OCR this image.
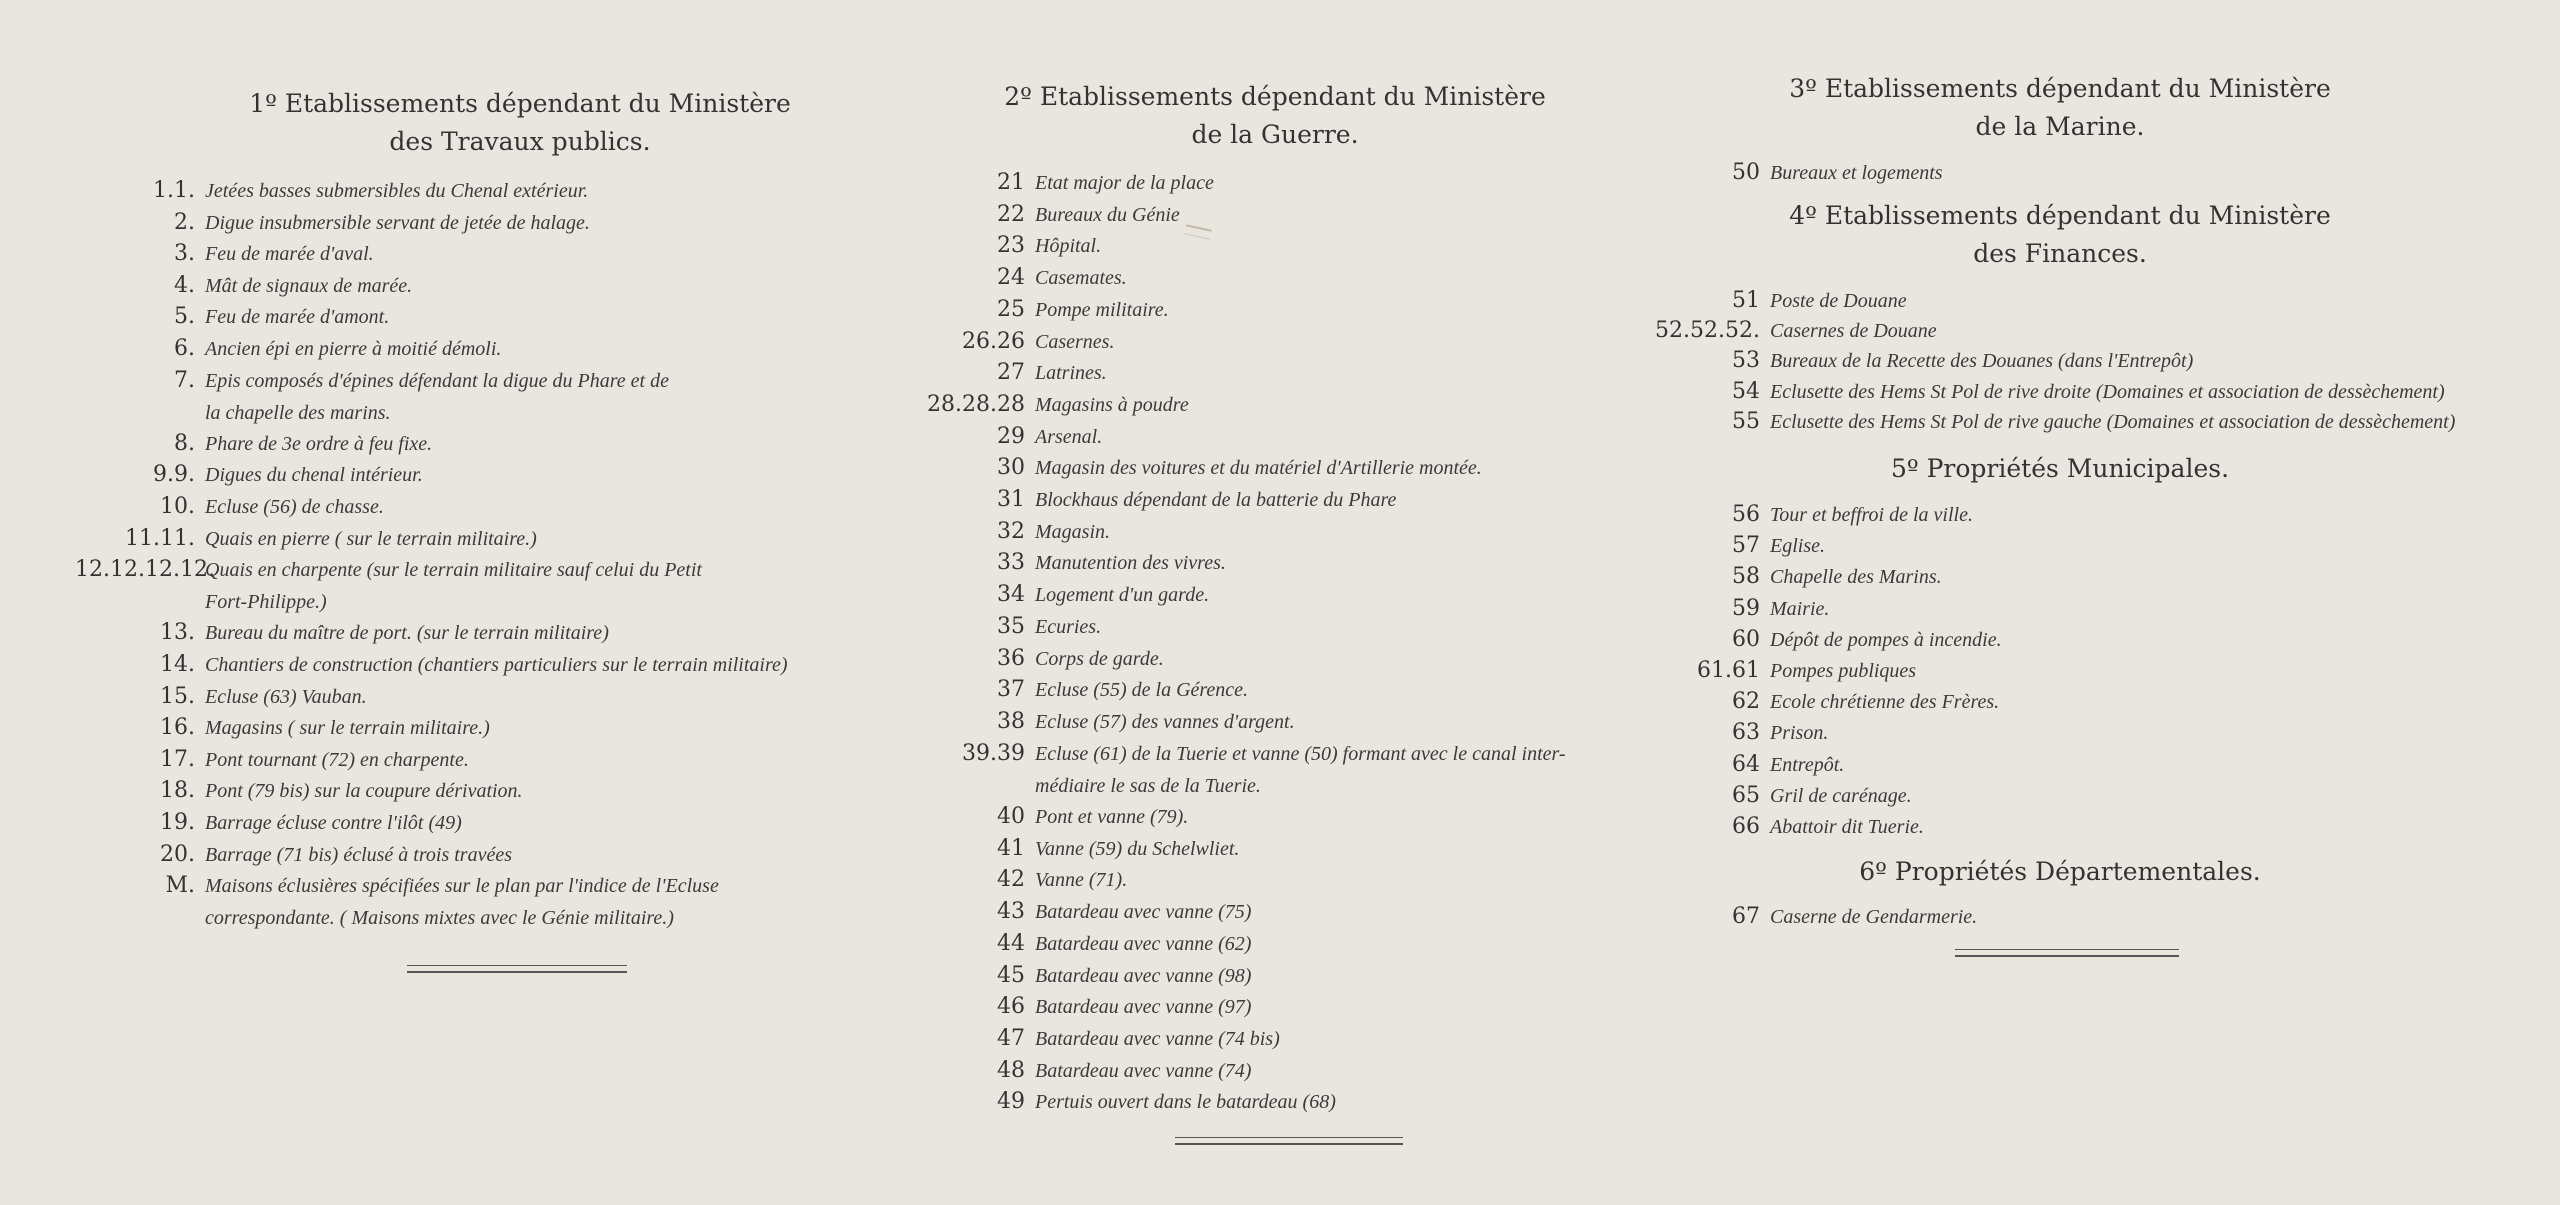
1º Etablissements dépendant du Ministère
des Travaux publics.
1.1. Jetées basses submersibles du Chenal extérieur.
2. Digue insubmersible servant de jetée de halage.
3. Feu de marée d'aval.
4. Mât de signaux de marée.
5. Feu de marée d'amont.
6. Ancien épi en pierre à moitié démoli.
7. Epis composés d'épines défendant la digue du Phare et de
la chapelle des marins.
8. Phare de 3e ordre à feu fixe.
9.9. Digues du chenal intérieur.
10. Ecluse (56) de chasse.
11.11. Quais en pierre ( sur le terrain militaire.)
12.12.12.12.
Quais en charpente (sur le terrain militaire sauf celui du Petit
Fort-Philippe.)
13. Bureau du maître de port. (sur le terrain militaire)
14. Chantiers de construction (chantiers particuliers sur le terrain militaire)
15. Ecluse (63) Vauban.
16. Magasins ( sur le terrain militaire.)
17. Pont tournant (72) en charpente.
18. Pont (79 bis) sur la coupure dérivation.
19. Barrage écluse contre l'ilôt (49)
20. Barrage (71 bis) éclusé à trois travées
M. Maisons éclusières spécifiées sur le plan par l'indice de l'Ecluse
correspondante. ( Maisons mixtes avec le Génie militaire.)
2º Etablissements dépendant du Ministère
de la Guerre.
21 Etat major de la place
22 Bureaux du Génie
23 Hôpital.
24 Casemates.
25 Pompe militaire.
26.26 Casernes.
27 Latrines.
28.28.28 Magasins à poudre
29 Arsenal.
30 Magasin des voitures et du matériel d'Artillerie montée.
31 Blockhaus dépendant de la batterie du Phare
32 Magasin.
33 Manutention des vivres.
34 Logement d'un garde.
35 Ecuries.
36 Corps de garde.
37 Ecluse (55) de la Gérence.
38 Ecluse (57) des vannes d'argent.
39.39 Ecluse (61) de la Tuerie et vanne (50) formant avec le canal inter-
médiaire le sas de la Tuerie.
40 Pont et vanne (79).
41 Vanne (59) du Schelwliet.
42 Vanne (71).
43 Batardeau avec vanne (75)
44 Batardeau avec vanne (62)
45 Batardeau avec vanne (98)
46 Batardeau avec vanne (97)
47 Batardeau avec vanne (74 bis)
48 Batardeau avec vanne (74)
49 Pertuis ouvert dans le batardeau (68)
3º Etablissements dépendant du Ministère
de la Marine.
50 Bureaux et logements
4º Etablissements dépendant du Ministère
des Finances.
51 Poste de Douane
52.52.52. Casernes de Douane
53 Bureaux de la Recette des Douanes (dans l'Entrepôt)
54 Eclusette des Hems St Pol de rive droite (Domaines et association de dessèchement)
55 Eclusette des Hems St Pol de rive gauche (Domaines et association de dessèchement)
5º Propriétés Municipales.
56 Tour et beffroi de la ville.
57 Eglise.
58 Chapelle des Marins.
59 Mairie.
60 Dépôt de pompes à incendie.
61.61 Pompes publiques
62 Ecole chrétienne des Frères.
63 Prison.
64 Entrepôt.
65 Gril de carénage.
66 Abattoir dit Tuerie.
6º Propriétés Départementales.
67 Caserne de Gendarmerie.
